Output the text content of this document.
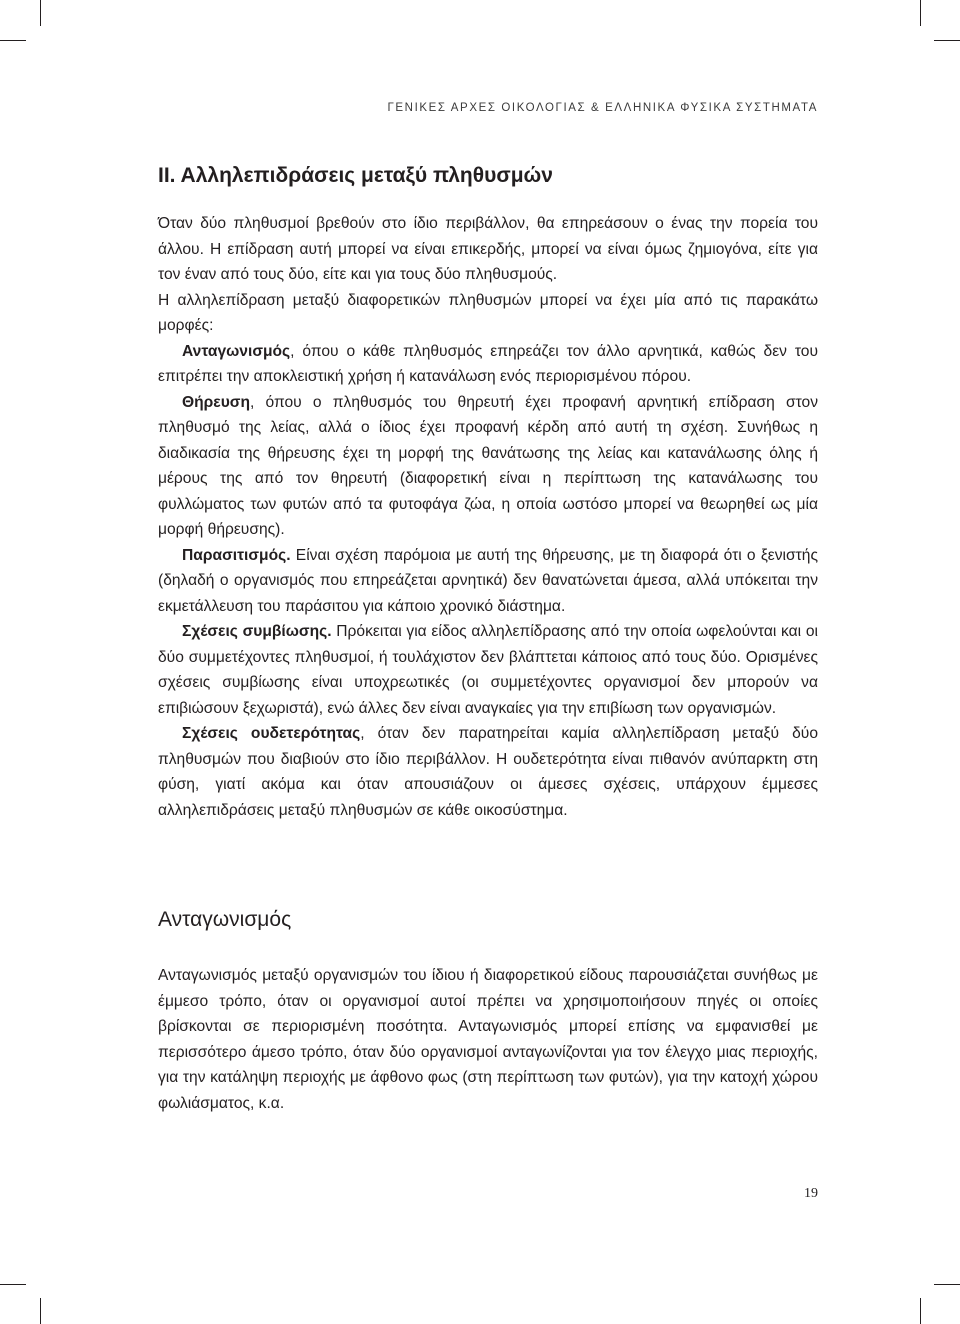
ΓΕΝΙΚΕΣ ΑΡΧΕΣ ΟΙΚΟΛΟΓΙΑΣ & ΕΛΛΗΝΙΚΑ ΦΥΣΙΚΑ ΣΥΣΤΗΜΑΤΑ
ΙΙ. Αλληλεπιδράσεις μεταξύ πληθυσμών

Όταν δύο πληθυσμοί βρεθούν στο ίδιο περιβάλλον, θα επηρεάσουν ο ένας την πορεία του άλλου. Η επίδραση αυτή μπορεί να είναι επικερδής, μπορεί να είναι όμως ζημιογόνα, είτε για τον έναν από τους δύο, είτε και για τους δύο πληθυσμούς.

Η αλληλεπίδραση μεταξύ διαφορετικών πληθυσμών μπορεί να έχει μία από τις παρακάτω μορφές:

Ανταγωνισμός, όπου ο κάθε πληθυσμός επηρεάζει τον άλλο αρνητικά, καθώς δεν του επιτρέπει την αποκλειστική χρήση ή κατανάλωση ενός περιορισμένου πόρου.

Θήρευση, όπου ο πληθυσμός του θηρευτή έχει προφανή αρνητική επίδραση στον πληθυσμό της λείας, αλλά ο ίδιος έχει προφανή κέρδη από αυτή τη σχέση. Συνήθως η διαδικασία της θήρευσης έχει τη μορφή της θανάτωσης της λείας και κατανάλωσης όλης ή μέρους της από τον θηρευτή (διαφορετική είναι η περίπτωση της κατανάλωσης του φυλλώματος των φυτών από τα φυτοφάγα ζώα, η οποία ωστόσο μπορεί να θεωρηθεί ως μία μορφή θήρευσης).

Παρασιτισμός. Είναι σχέση παρόμοια με αυτή της θήρευσης, με τη διαφορά ότι ο ξενιστής (δηλαδή ο οργανισμός που επηρεάζεται αρνητικά) δεν θανατώνεται άμεσα, αλλά υπόκειται την εκμετάλλευση του παράσιτου για κάποιο χρονικό διάστημα.

Σχέσεις συμβίωσης. Πρόκειται για είδος αλληλεπίδρασης από την οποία ωφελούνται και οι δύο συμμετέχοντες πληθυσμοί, ή τουλάχιστον δεν βλάπτεται κάποιος από τους δύο. Ορισμένες σχέσεις συμβίωσης είναι υποχρεωτικές (οι συμμετέχοντες οργανισμοί δεν μπορούν να επιβιώσουν ξεχωριστά), ενώ άλλες δεν είναι αναγκαίες για την επιβίωση των οργανισμών.

Σχέσεις ουδετερότητας, όταν δεν παρατηρείται καμία αλληλεπίδραση μεταξύ δύο πληθυσμών που διαβιούν στο ίδιο περιβάλλον. Η ουδετερότητα είναι πιθανόν ανύπαρκτη στη φύση, γιατί ακόμα και όταν απουσιάζουν οι άμεσες σχέσεις, υπάρχουν έμμεσες αλληλεπιδράσεις μεταξύ πληθυσμών σε κάθε οικοσύστημα.

Ανταγωνισμός

Ανταγωνισμός μεταξύ οργανισμών του ίδιου ή διαφορετικού είδους παρουσιάζεται συνήθως με έμμεσο τρόπο, όταν οι οργανισμοί αυτοί πρέπει να χρησιμοποιήσουν πηγές οι οποίες βρίσκονται σε περιορισμένη ποσότητα. Ανταγωνισμός μπορεί επίσης να εμφανισθεί με περισσότερο άμεσο τρόπο, όταν δύο οργανισμοί ανταγωνίζονται για τον έλεγχο μιας περιοχής, για την κατάληψη περιοχής με άφθονο φως (στη περίπτωση των φυτών), για την κατοχή χώρου φωλιάσματος, κ.α.

19
